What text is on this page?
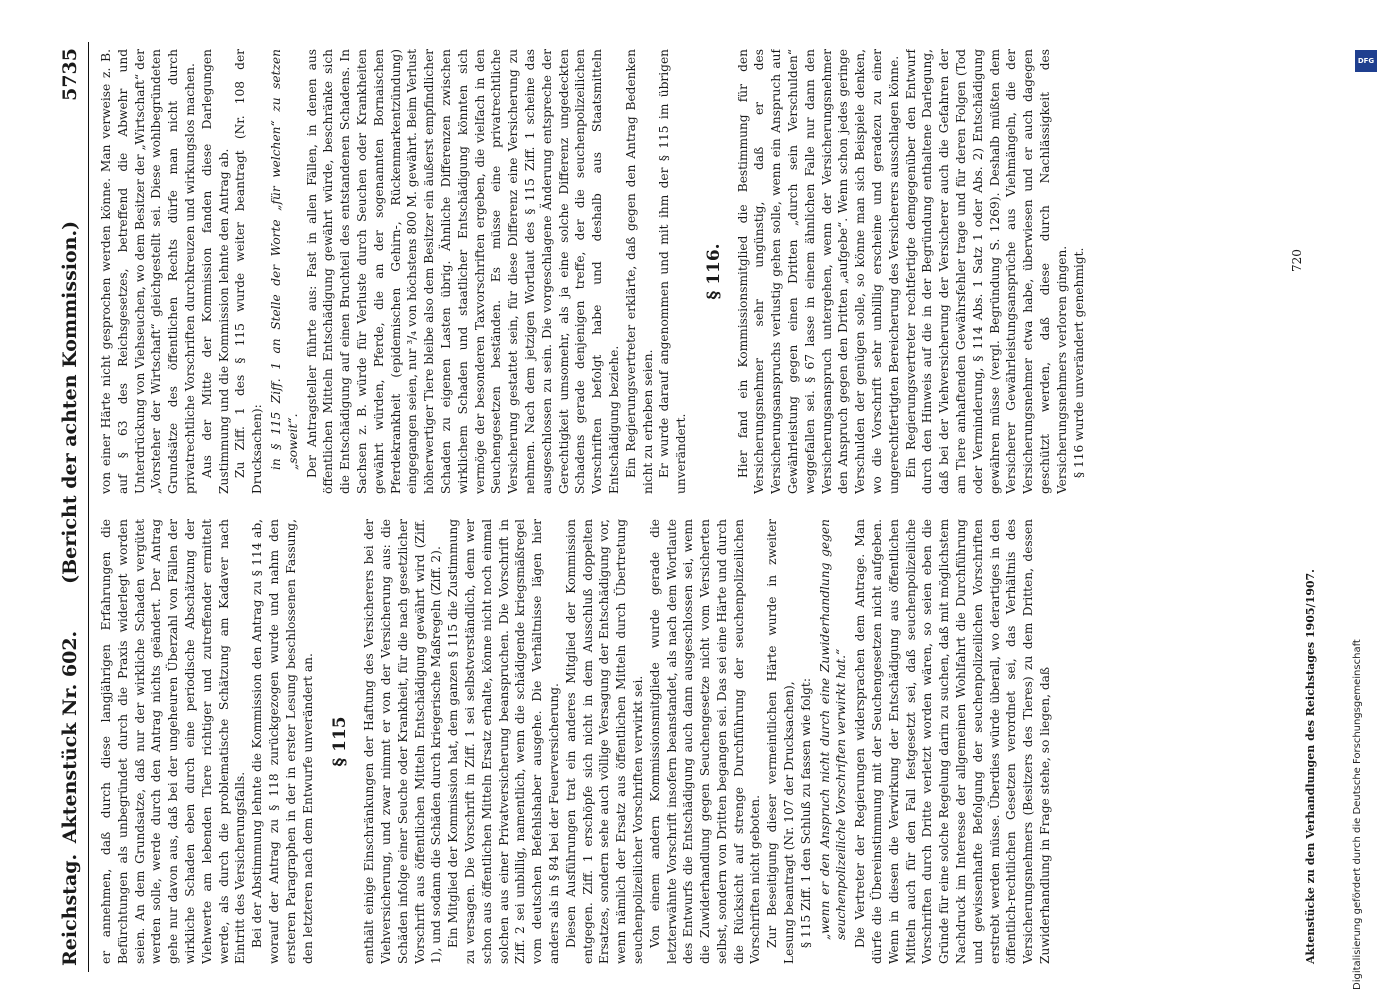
Reichstag.
Aktenstück Nr. 602.
(Bericht der achten Kommission.)5735

er annehmen, daß durch diese langjährigen Erfahrungen die Befürchtungen als unbegründet durch die Praxis widerlegt worden seien. An dem Grundsatze, daß nur der wirkliche Schaden vergütet werden solle, werde durch den Antrag nichts geändert. Der Antrag gehe nur davon aus, daß bei der ungeheuren Überzahl von Fällen der wirkliche Schaden eben durch eine periodische Abschätzung der Viehwerte am lebenden Tiere richtiger und zutreffender ermittelt werde, als durch die problematische Schätzung am Kadaver nach Eintritt des Versicherungsfalls. Bei der Abstimmung lehnte die Kommission den Antrag zu § 114 ab, worauf der Antrag zu § 118 zurückgezogen wurde und nahm den ersteren Paragraphen in der in erster Lesung beschlossenen Fassung, den letzteren nach dem Entwurfe unverändert an. § 115 enthält einige Einschränkungen der Haftung des Versicherers bei der Viehversicherung, und zwar nimmt er von der Versicherung aus: die Schäden infolge einer Seuche oder Krankheit, für die nach gesetzlicher Vorschrift aus öffentlichen Mitteln Entschädigung gewährt wird (Ziff. 1), und sodann die Schäden durch kriegerische Maßregeln (Ziff. 2). Ein Mitglied der Kommission hat, dem ganzen § 115 die Zustimmung zu versagen. Die Vorschrift in Ziff. 1 sei selbstverständlich, denn wer schon aus öffentlichen Mitteln Ersatz erhalte, könne nicht noch einmal solchen aus einer Privatversicherung beanspruchen. Die Vorschrift in Ziff. 2 sei unbillig, namentlich, wenn die schädigende kriegsmäßregel vom deutschen Befehlshaber ausgehe. Die Verhältnisse lägen hier anders als in § 84 bei der Feuerversicherung. Diesen Ausführungen trat ein anderes Mitglied der Kommission entgegen. Ziff. 1 erschöpfe sich nicht in dem Ausschluß doppelten Ersatzes, sondern sehe auch völlige Versagung der Entschädigung vor, wenn nämlich der Ersatz aus öffentlichen Mitteln durch Übertretung seuchenpolizeilicher Vorschriften verwirkt sei. Von einem andern Kommissionsmitgliede wurde gerade die letzterwähnte Vorschrift insofern beanstandet, als nach dem Wortlaute des Entwurfs die Entschädigung auch dann ausgeschlossen sei, wenn die Zuwiderhandlung gegen Seuchengesetze nicht vom Versicherten selbst, sondern von Dritten begangen sei. Das sei eine Härte und durch die Rücksicht auf strenge Durchführung der seuchenpolizeilichen Vorschriften nicht geboten. Zur Beseitigung dieser vermeintlichen Härte wurde in zweiter Lesung beantragt (Nr. 107 der Drucksachen), § 115 Ziff. 1 den Schluß zu fassen wie folgt: „wenn er den Anspruch nicht durch eine Zuwiderhandlung gegen seuchenpolizeiliche Vorschriften verwirkt hat.“ Die Vertreter der Regierungen widersprachen dem Antrage. Man dürfe die Übereinstimmung mit der Seuchengesetzen nicht aufgeben. Wenn in diesen die Verwirkung der Entschädigung aus öffentlichen Mitteln auch für den Fall festgesetzt sei, daß seuchenpolizeiliche Vorschriften durch Dritte verletzt worden wären, so seien eben die Gründe für eine solche Regelung darin zu suchen, daß mit möglichstem Nachdruck im Interesse der allgemeinen Wohlfahrt die Durchführung und gewissenhafte Befolgung der seuchenpolizeilichen Vorschriften erstrebt werden müsse. Überdies würde überall, wo derartiges in den öffentlich-rechtlichen Gesetzen verordnet sei, das Verhältnis des Versicherungsnehmers (Besitzers des Tieres) zu dem Dritten, dessen Zuwiderhandlung in Frage stehe, so liegen, daß

von einer Härte nicht gesprochen werden könne. Man verweise z. B. auf § 63 des Reichsgesetzes, betreffend die Abwehr und Unterdrückung von Viehseuchen, wo dem Besitzer der „Wirtschaft“ der „Vorsteher der Wirtschaft“ gleichgestellt sei. Diese wohlbegründeten Grundsätze des öffentlichen Rechts dürfe man nicht durch privatrechtliche Vorschriften durchkreuzen und wirkungslos machen. Aus der Mitte der Kommission fanden diese Darlegungen Zustimmung und die Kommission lehnte den Antrag ab. Zu Ziff. 1 des § 115 wurde weiter beantragt (Nr. 108 der Drucksachen): in § 115 Ziff. 1 an Stelle der Worte „für welchen“ zu setzen „soweit“. Der Antragsteller führte aus: Fast in allen Fällen, in denen aus öffentlichen Mitteln Entschädigung gewährt würde, beschränke sich die Entschädigung auf einen Bruchteil des entstandenen Schadens. In Sachsen z. B. würde für Verluste durch Seuchen oder Krankheiten gewährt würden, Pferde, die an der sogenannten Bornaischen Pferdekrankheit (epidemischen Gehirn-, Rückenmarkentzündung) eingegangen seien, nur ³/₄ von höchstens 800 M. gewährt. Beim Verlust höherwertiger Tiere bleibe also dem Besitzer ein äußerst empfindlicher Schaden zu eigenen Lasten übrig. Ähnliche Differenzen zwischen wirklichem Schaden und staatlicher Entschädigung könnten sich vermöge der besonderen Taxvorschriften ergeben, die vielfach in den Seuchengesetzen beständen. Es müsse eine privatrechtliche Versicherung gestattet sein, für diese Differenz eine Versicherung zu nehmen. Nach dem jetzigen Wortlaut des § 115 Ziff. 1 scheine das ausgeschlossen zu sein. Die vorgeschlagene Änderung entspreche der Gerechtigkeit umsomehr, als ja eine solche Differenz ungedeckten Schadens gerade denjenigen treffe, der die seuchenpolizeilichen Vorschriften befolgt habe und deshalb aus Staatsmitteln Entschädigung beziehe. Ein Regierungsvertreter erklärte, daß gegen den Antrag Bedenken nicht zu erheben seien. Er wurde darauf angenommen und mit ihm der § 115 im übrigen unverändert.

§ 116. Hier fand ein Kommissionsmitglied die Bestimmung für den Versicherungsnehmer sehr ungünstig, daß er des Versicherungsanspruchs verlustig gehen solle, wenn ein Anspruch auf Gewährleistung gegen einen Dritten „durch sein Verschulden“ weggefallen sei. § 67 lasse in einem ähnlichen Falle nur dann den Versicherungsanspruch untergehen, wenn der Versicherungsnehmer den Anspruch gegen den Dritten „aufgebe“. Wenn schon jedes geringe Verschulden der genügen solle, so könne man sich Beispiele denken, wo die Vorschrift sehr unbillig erscheine und geradezu zu einer ungerechtfertigten Bereicherung des Versicherers ausschlagen könne. Ein Regierungsvertreter rechtfertigte demgegenüber den Entwurf durch den Hinweis auf die in der Begründung enthaltene Darlegung, daß bei der Viehversicherung der Versicherer auch die Gefahren der am Tiere anhaftenden Gewährsfehler trage und für deren Folgen (Tod oder Verminderung, § 114 Abs. 1 Satz 1 oder Abs. 2) Entschädigung gewähren müsse (vergl. Begründung S. 1269). Deshalb müßten dem Versicherer Gewährleistungsansprüche aus Viehmängeln, die der Versicherungsnehmer etwa habe, überwiesen und er auch dagegen geschützt werden, daß diese durch Nachlässigkeit des Versicherungsnehmers verloren gingen. § 116 wurde unverändert genehmigt.	720
Aktenstücke zu den Verhandlungen des Reichstages 1905/1907.
DFG
Digitalisierung gefördert durch die Deutsche Forschungsgemeinschaft
